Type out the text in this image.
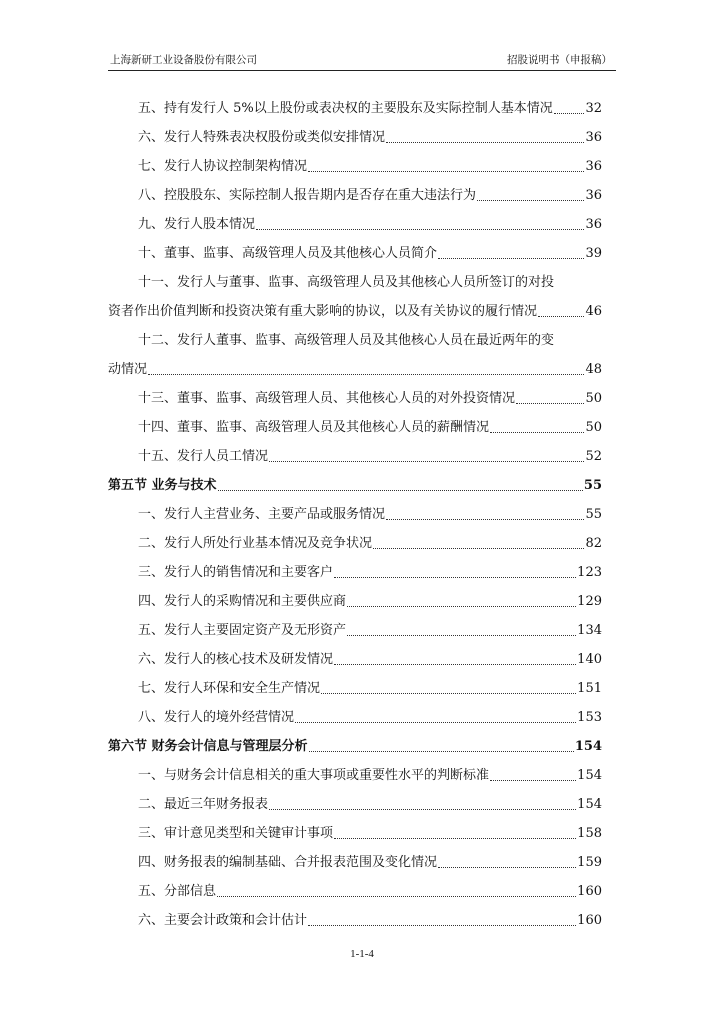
上海新研工业设备股份有限公司	招股说明书（申报稿）
五、持有发行人 5%以上股份或表决权的主要股东及实际控制人基本情况	32
六、发行人特殊表决权股份或类似安排情况	36
七、发行人协议控制架构情况	36
八、控股股东、实际控制人报告期内是否存在重大违法行为	36
九、发行人股本情况	36
十、董事、监事、高级管理人员及其他核心人员简介	39
十一、发行人与董事、监事、高级管理人员及其他核心人员所签订的对投
资者作出价值判断和投资决策有重大影响的协议，以及有关协议的履行情况	46
十二、发行人董事、监事、高级管理人员及其他核心人员在最近两年的变
动情况	48
十三、董事、监事、高级管理人员、其他核心人员的对外投资情况	50
十四、董事、监事、高级管理人员及其他核心人员的薪酬情况	50
十五、发行人员工情况	52
第五节 业务与技术	55
一、发行人主营业务、主要产品或服务情况	55
二、发行人所处行业基本情况及竞争状况	82
三、发行人的销售情况和主要客户	123
四、发行人的采购情况和主要供应商	129
五、发行人主要固定资产及无形资产	134
六、发行人的核心技术及研发情况	140
七、发行人环保和安全生产情况	151
八、发行人的境外经营情况	153
第六节 财务会计信息与管理层分析	154
一、与财务会计信息相关的重大事项或重要性水平的判断标准	154
二、最近三年财务报表	154
三、审计意见类型和关键审计事项	158
四、财务报表的编制基础、合并报表范围及变化情况	159
五、分部信息	160
六、主要会计政策和会计估计	160
1-1-4
